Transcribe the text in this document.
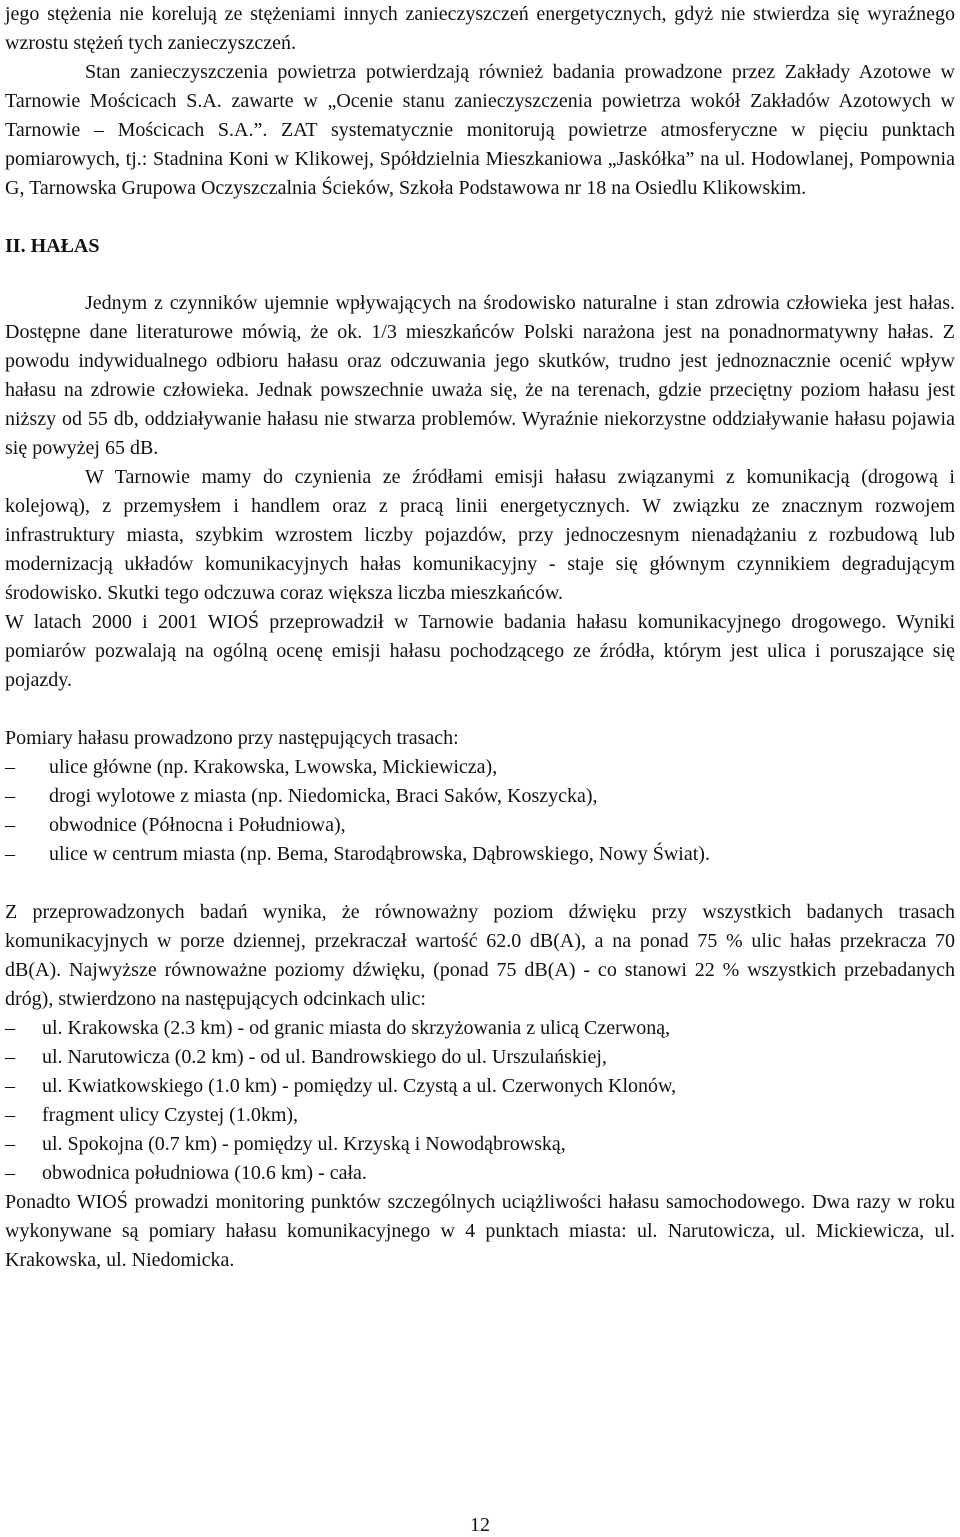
jego stężenia nie korelują ze stężeniami innych zanieczyszczeń energetycznych, gdyż nie stwierdza się wyraźnego wzrostu stężeń tych zanieczyszczeń.

Stan zanieczyszczenia powietrza potwierdzają również badania prowadzone przez Zakłady Azotowe w Tarnowie Mościcach S.A. zawarte w „Ocenie stanu zanieczyszczenia powietrza wokół Zakładów Azotowych w Tarnowie – Mościcach S.A.”. ZAT systematycznie monitorują powietrze atmosferyczne w pięciu punktach pomiarowych, tj.: Stadnina Koni w Klikowej, Spółdzielnia Mieszkaniowa „Jaskółka” na ul. Hodowlanej, Pompownia G, Tarnowska Grupowa Oczyszczalnia Ścieków, Szkoła Podstawowa nr 18 na Osiedlu Klikowskim.

II. HAŁAS

Jednym z czynników ujemnie wpływających na środowisko naturalne i stan zdrowia człowieka jest hałas. Dostępne dane literaturowe mówią, że ok. 1/3 mieszkańców Polski narażona jest na ponadnormatywny hałas. Z powodu indywidualnego odbioru hałasu oraz odczuwania jego skutków, trudno jest jednoznacznie ocenić wpływ hałasu na zdrowie człowieka. Jednak powszechnie uważa się, że na terenach, gdzie przeciętny poziom hałasu jest niższy od 55 db, oddziaływanie hałasu nie stwarza problemów. Wyraźnie niekorzystne oddziaływanie hałasu pojawia się powyżej 65 dB.

W Tarnowie mamy do czynienia ze źródłami emisji hałasu związanymi z komunikacją (drogową i kolejową), z przemysłem i handlem oraz z pracą linii energetycznych. W związku ze znacznym rozwojem infrastruktury miasta, szybkim wzrostem liczby pojazdów, przy jednoczesnym nienadążaniu z rozbudową lub modernizacją układów komunikacyjnych hałas komunikacyjny - staje się głównym czynnikiem degradującym środowisko. Skutki tego odczuwa coraz większa liczba mieszkańców.

W latach 2000 i 2001 WIOŚ przeprowadził w Tarnowie badania hałasu komunikacyjnego drogowego. Wyniki pomiarów pozwalają na ogólną ocenę emisji hałasu pochodzącego ze źródła, którym jest ulica i poruszające się pojazdy.

Pomiary hałasu prowadzono przy następujących trasach:

– ulice główne (np. Krakowska, Lwowska, Mickiewicza),
– drogi wylotowe z miasta (np. Niedomicka, Braci Saków, Koszycka),
– obwodnice (Północna i Południowa),
– ulice w centrum miasta (np. Bema, Starodąbrowska, Dąbrowskiego, Nowy Świat).

Z przeprowadzonych badań wynika, że równoważny poziom dźwięku przy wszystkich badanych trasach komunikacyjnych w porze dziennej, przekraczał wartość 62.0 dB(A), a na ponad 75 % ulic hałas przekracza 70 dB(A). Najwyższe równoważne poziomy dźwięku, (ponad 75 dB(A) - co stanowi 22 % wszystkich przebadanych dróg), stwierdzono na następujących odcinkach ulic:

– ul. Krakowska (2.3 km) - od granic miasta do skrzyżowania z ulicą Czerwoną,
– ul. Narutowicza (0.2 km) - od ul. Bandrowskiego do ul. Urszulańskiej,
– ul. Kwiatkowskiego (1.0 km) - pomiędzy ul. Czystą a ul. Czerwonych Klonów,
– fragment ulicy Czystej (1.0km),
– ul. Spokojna (0.7 km) - pomiędzy ul. Krzyską i Nowodąbrowską,
– obwodnica południowa (10.6 km) - cała.

Ponadto WIOŚ prowadzi monitoring punktów szczególnych uciążliwości hałasu samochodowego. Dwa razy w roku wykonywane są pomiary hałasu komunikacyjnego w 4 punktach miasta: ul. Narutowicza, ul. Mickiewicza, ul. Krakowska, ul. Niedomicka.

12
